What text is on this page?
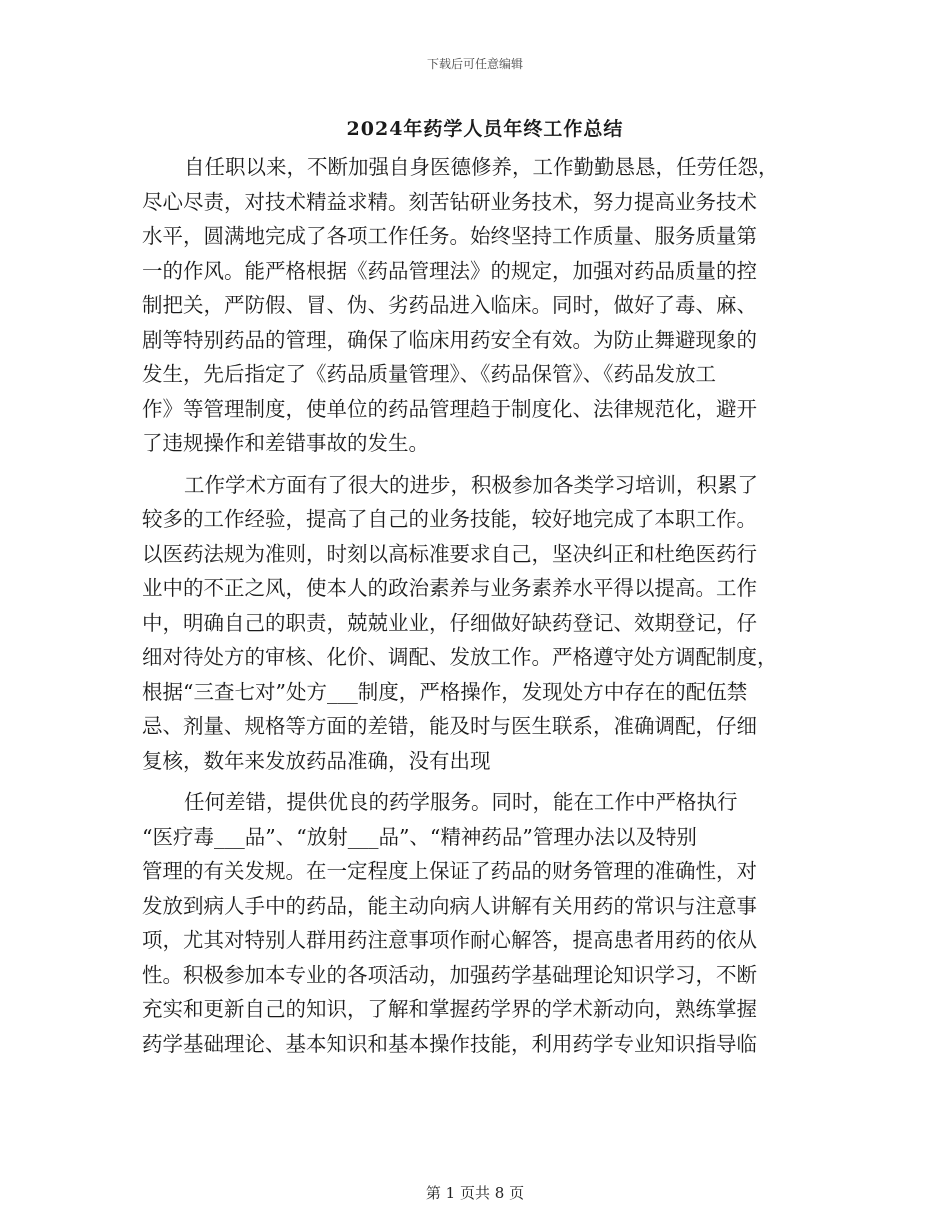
下载后可任意编辑
2024年药学人员年终工作总结
自任职以来，不断加强自身医德修养，工作勤勤恳恳，任劳任怨，
尽心尽责，对技术精益求精。刻苦钻研业务技术，努力提高业务技术
水平，圆满地完成了各项工作任务。始终坚持工作质量、服务质量第
一的作风。能严格根据《药品管理法》的规定，加强对药品质量的控
制把关，严防假、冒、伪、劣药品进入临床。同时，做好了毒、麻、
剧等特别药品的管理，确保了临床用药安全有效。为防止舞避现象的
发生，先后指定了《药品质量管理》、《药品保管》、《药品发放工
作》等管理制度，使单位的药品管理趋于制度化、法律规范化，避开
了违规操作和差错事故的发生。
工作学术方面有了很大的进步，积极参加各类学习培训，积累了
较多的工作经验，提高了自己的业务技能，较好地完成了本职工作。
以医药法规为准则，时刻以高标准要求自己，坚决纠正和杜绝医药行
业中的不正之风，使本人的政治素养与业务素养水平得以提高。工作
中，明确自己的职责，兢兢业业，仔细做好缺药登记、效期登记，仔
细对待处方的审核、化价、调配、发放工作。严格遵守处方调配制度，
根据“三查七对”处方___制度，严格操作，发现处方中存在的配伍禁
忌、剂量、规格等方面的差错，能及时与医生联系，准确调配，仔细
复核，数年来发放药品准确，没有出现
任何差错，提供优良的药学服务。同时，能在工作中严格执行
“医疗毒___品”、“放射___品”、“精神药品”管理办法以及特别
管理的有关发规。在一定程度上保证了药品的财务管理的准确性，对
发放到病人手中的药品，能主动向病人讲解有关用药的常识与注意事
项，尤其对特别人群用药注意事项作耐心解答，提高患者用药的依从
性。积极参加本专业的各项活动，加强药学基础理论知识学习，不断
充实和更新自己的知识，了解和掌握药学界的学术新动向，熟练掌握
药学基础理论、基本知识和基本操作技能，利用药学专业知识指导临
第 1 页共 8 页
